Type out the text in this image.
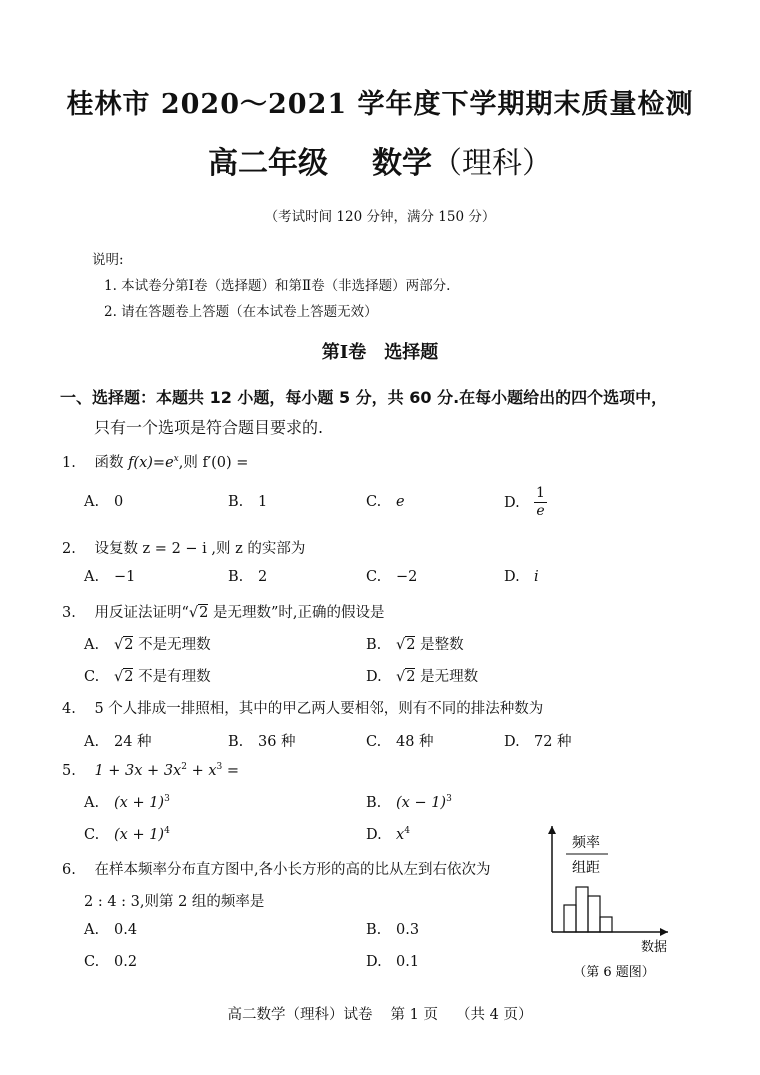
桂林市 2020～2021 学年度下学期期末质量检测
高二年级 数学（理科）
（考试时间 120 分钟，满分 150 分）
说明:
1. 本试卷分第Ⅰ卷（选择题）和第Ⅱ卷（非选择题）两部分.
2. 请在答题卷上答题（在本试卷上答题无效）
第Ⅰ卷 选择题
一、选择题：本题共 12 小题，每小题 5 分，共 60 分.在每小题给出的四个选项中，
只有一个选项是符合题目要求的.
1. 函数 $f(x)=e^x$,则 f′(0) =
A. 0	B. 1	C. e	D. $\frac{1}{e}$
2. 设复数 z = 2 − i ,则 z 的实部为
A. −1	B. 2	C. −2	D. i
3. 用反证法证明“√2 是无理数”时,正确的假设是
A. √2 不是无理数	B. √2 是整数
C. √2 不是有理数	D. √2 是无理数
4. 5 个人排成一排照相，其中的甲乙两人要相邻，则有不同的排法种数为
A. 24 种	B. 36 种	C. 48 种	D. 72 种
5. $1 + 3x + 3x^2 + x^3$ =
A. $(x + 1)^3$	B. $(x - 1)^3$
C. $(x + 1)^4$	D. $x^4$
6. 在样本频率分布直方图中,各小长方形的高的比从左到右依次为
2 : 4 : 3,则第 2 组的频率是
A. 0.4	B. 0.3
C. 0.2	D. 0.1
频率
组距
数据
（第 6 题图）
高二数学（理科）试卷 第 1 页 （共 4 页）
